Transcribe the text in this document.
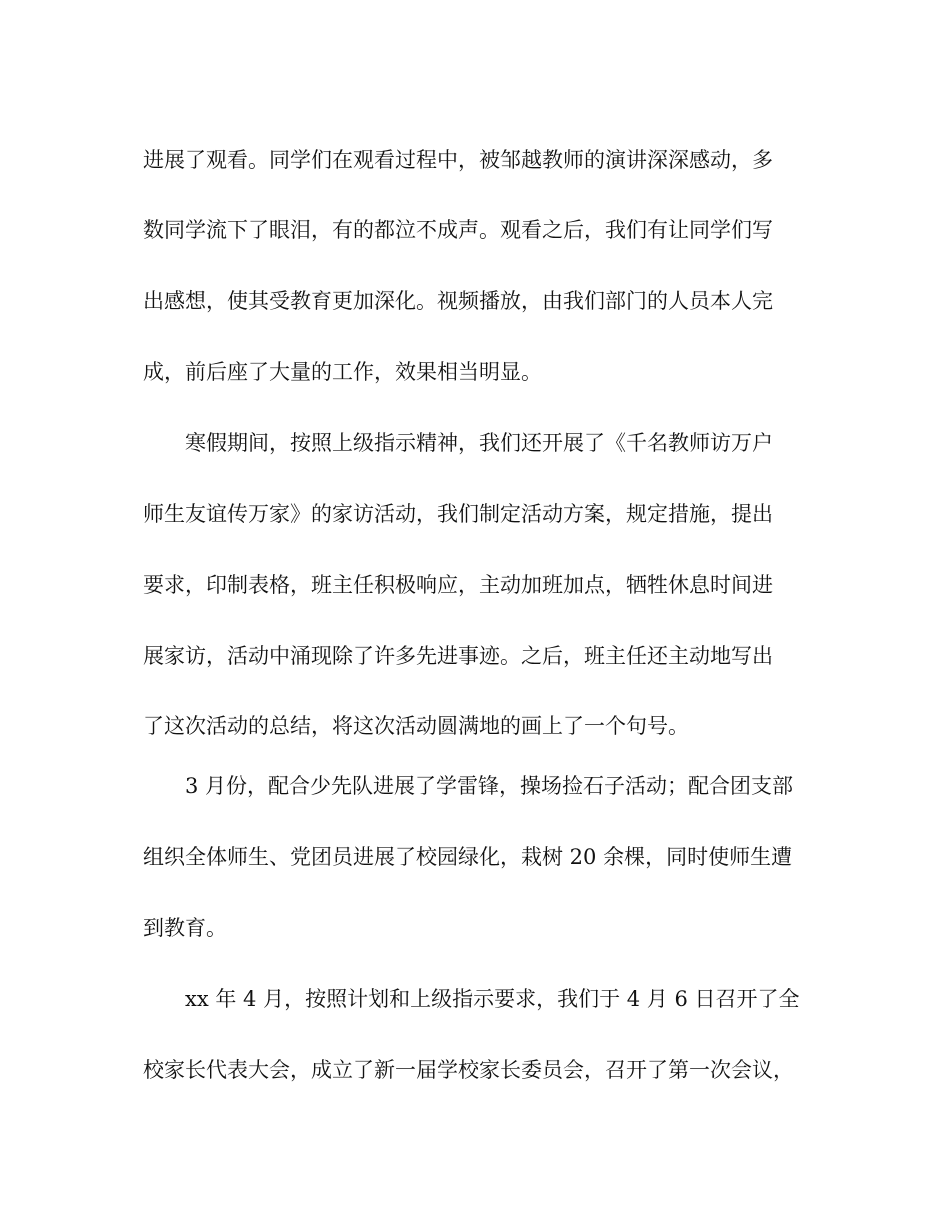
进展了观看。同学们在观看过程中，被邹越教师的演讲深深感动，多
数同学流下了眼泪，有的都泣不成声。观看之后，我们有让同学们写
出感想，使其受教育更加深化。视频播放，由我们部门的人员本人完
成，前后座了大量的工作，效果相当明显。
寒假期间，按照上级指示精神，我们还开展了《千名教师访万户
师生友谊传万家》的家访活动，我们制定活动方案，规定措施，提出
要求，印制表格，班主任积极响应，主动加班加点，牺牲休息时间进
展家访，活动中涌现除了许多先进事迹。之后，班主任还主动地写出
了这次活动的总结，将这次活动圆满地的画上了一个句号。
3 月份，配合少先队进展了学雷锋，操场捡石子活动；配合团支部
组织全体师生、党团员进展了校园绿化，栽树 20 余棵，同时使师生遭
到教育。
xx 年 4 月，按照计划和上级指示要求，我们于 4 月 6 日召开了全
校家长代表大会，成立了新一届学校家长委员会，召开了第一次会议，
